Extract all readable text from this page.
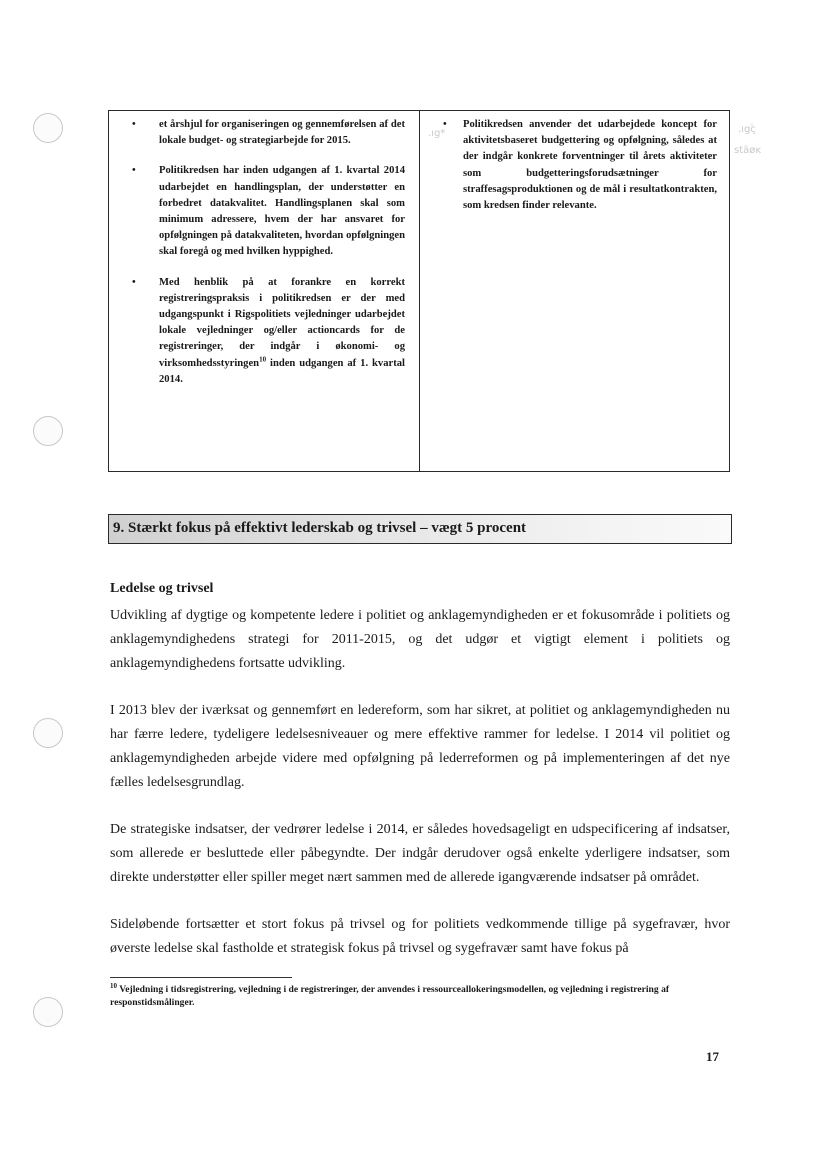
.ıg*	.ıg۠ς
stäøĸ
• et årshjul for organiseringen og gennemførelsen af det lokale budget- og strategiarbejde for 2015.
• Politikredsen har inden udgangen af 1. kvartal 2014 udarbejdet en handlingsplan, der understøtter en forbedret datakvalitet. Handlingsplanen skal som minimum adressere, hvem der har ansvaret for opfølgningen på datakvaliteten, hvordan opfølgningen skal foregå og med hvilken hyppighed.
• Med henblik på at forankre en korrekt registreringspraksis i politikredsen er der med udgangspunkt i Rigspolitiets vejledninger udarbejdet lokale vejledninger og/eller actioncards for de registreringer, der indgår i økonomi- og virksomhedsstyringen$^{10}$ inden udgangen af 1. kvartal 2014.
• Politikredsen anvender det udarbejdede koncept for aktivitetsbaseret budgettering og opfølgning, således at der indgår konkrete forventninger til årets aktiviteter som budgetteringsforudsætninger for straffesagsproduktionen og de mål i resultatkontrakten, som kredsen finder relevante.
9. Stærkt fokus på effektivt lederskab og trivsel – vægt 5 procent
Ledelse og trivsel

Udvikling af dygtige og kompetente ledere i politiet og anklagemyndigheden er et fokusområde i politiets og anklagemyndighedens strategi for 2011-2015, og det udgør et vigtigt element i politiets og anklagemyndighedens fortsatte udvikling.

I 2013 blev der iværksat og gennemført en ledereform, som har sikret, at politiet og anklagemyndigheden nu har færre ledere, tydeligere ledelsesniveauer og mere effektive rammer for ledelse. I 2014 vil politiet og anklagemyndigheden arbejde videre med opfølgning på lederreformen og på implementeringen af det nye fælles ledelsesgrundlag.

De strategiske indsatser, der vedrører ledelse i 2014, er således hovedsageligt en udspecificering af indsatser, som allerede er besluttede eller påbegyndte. Der indgår derudover også enkelte yderligere indsatser, som direkte understøtter eller spiller meget nært sammen med de allerede igangværende indsatser på området.

Sideløbende fortsætter et stort fokus på trivsel og for politiets vedkommende tillige på sygefravær, hvor øverste ledelse skal fastholde et strategisk fokus på trivsel og sygefravær samt have fokus på

$^{10}$ Vejledning i tidsregistrering, vejledning i de registreringer, der anvendes i ressourceallokeringsmodellen, og vejledning i registrering af responstidsmålinger.
17
